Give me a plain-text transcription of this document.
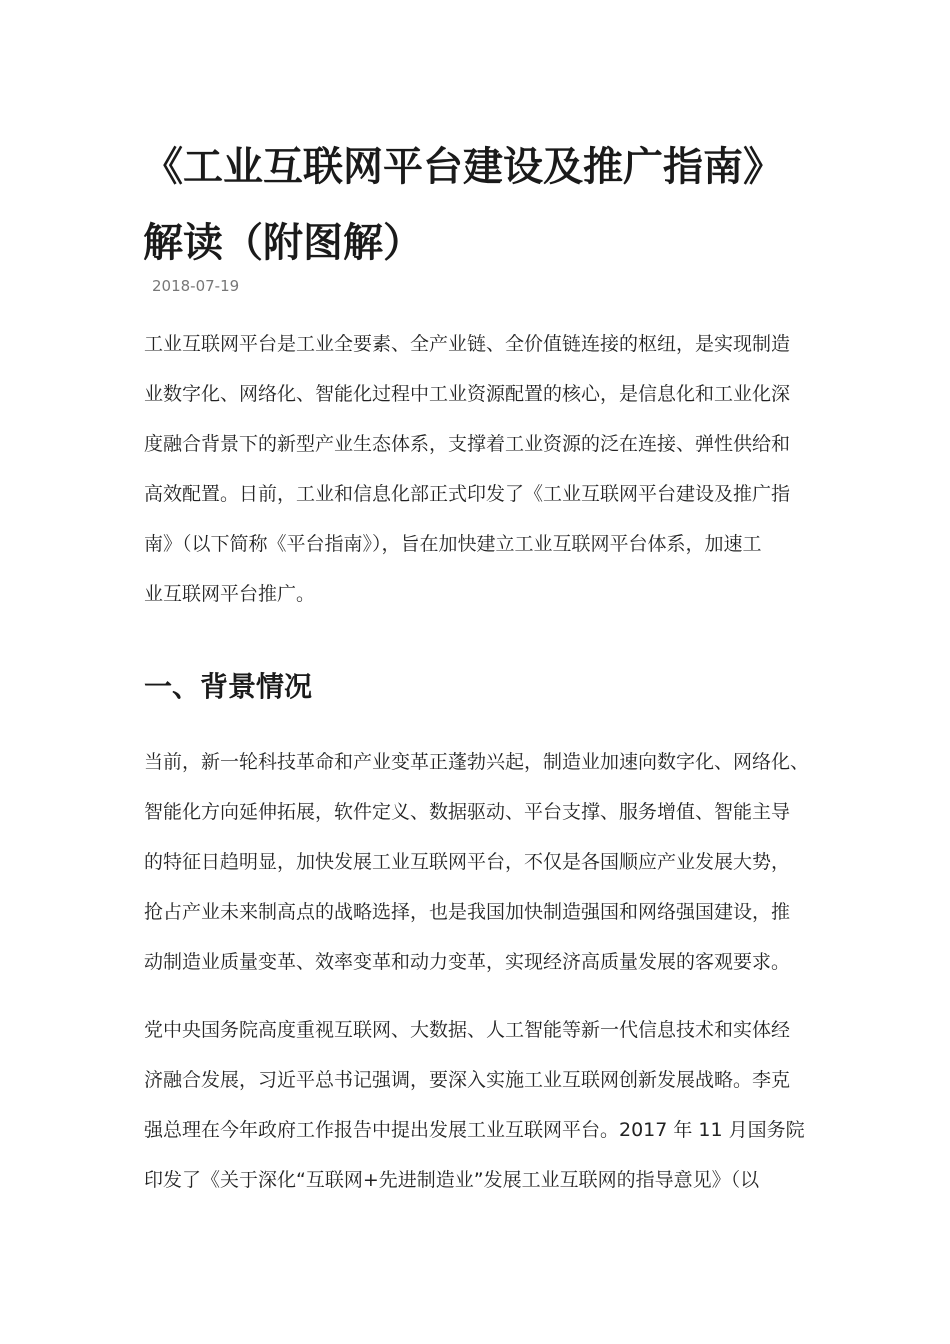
《工业互联网平台建设及推广指南》
解读（附图解）
2018-07-19
工业互联网平台是工业全要素、全产业链、全价值链连接的枢纽，是实现制造
业数字化、网络化、智能化过程中工业资源配置的核心，是信息化和工业化深
度融合背景下的新型产业生态体系，支撑着工业资源的泛在连接、弹性供给和
高效配置。日前，工业和信息化部正式印发了《工业互联网平台建设及推广指
南》（以下简称《平台指南》），旨在加快建立工业互联网平台体系，加速工
业互联网平台推广。
一、背景情况
当前，新一轮科技革命和产业变革正蓬勃兴起，制造业加速向数字化、网络化、
智能化方向延伸拓展，软件定义、数据驱动、平台支撑、服务增值、智能主导
的特征日趋明显，加快发展工业互联网平台，不仅是各国顺应产业发展大势，
抢占产业未来制高点的战略选择，也是我国加快制造强国和网络强国建设，推
动制造业质量变革、效率变革和动力变革，实现经济高质量发展的客观要求。
党中央国务院高度重视互联网、大数据、人工智能等新一代信息技术和实体经
济融合发展，习近平总书记强调，要深入实施工业互联网创新发展战略。李克
强总理在今年政府工作报告中提出发展工业互联网平台。2017 年 11 月国务院
印发了《关于深化“互联网+先进制造业”发展工业互联网的指导意见》（以
